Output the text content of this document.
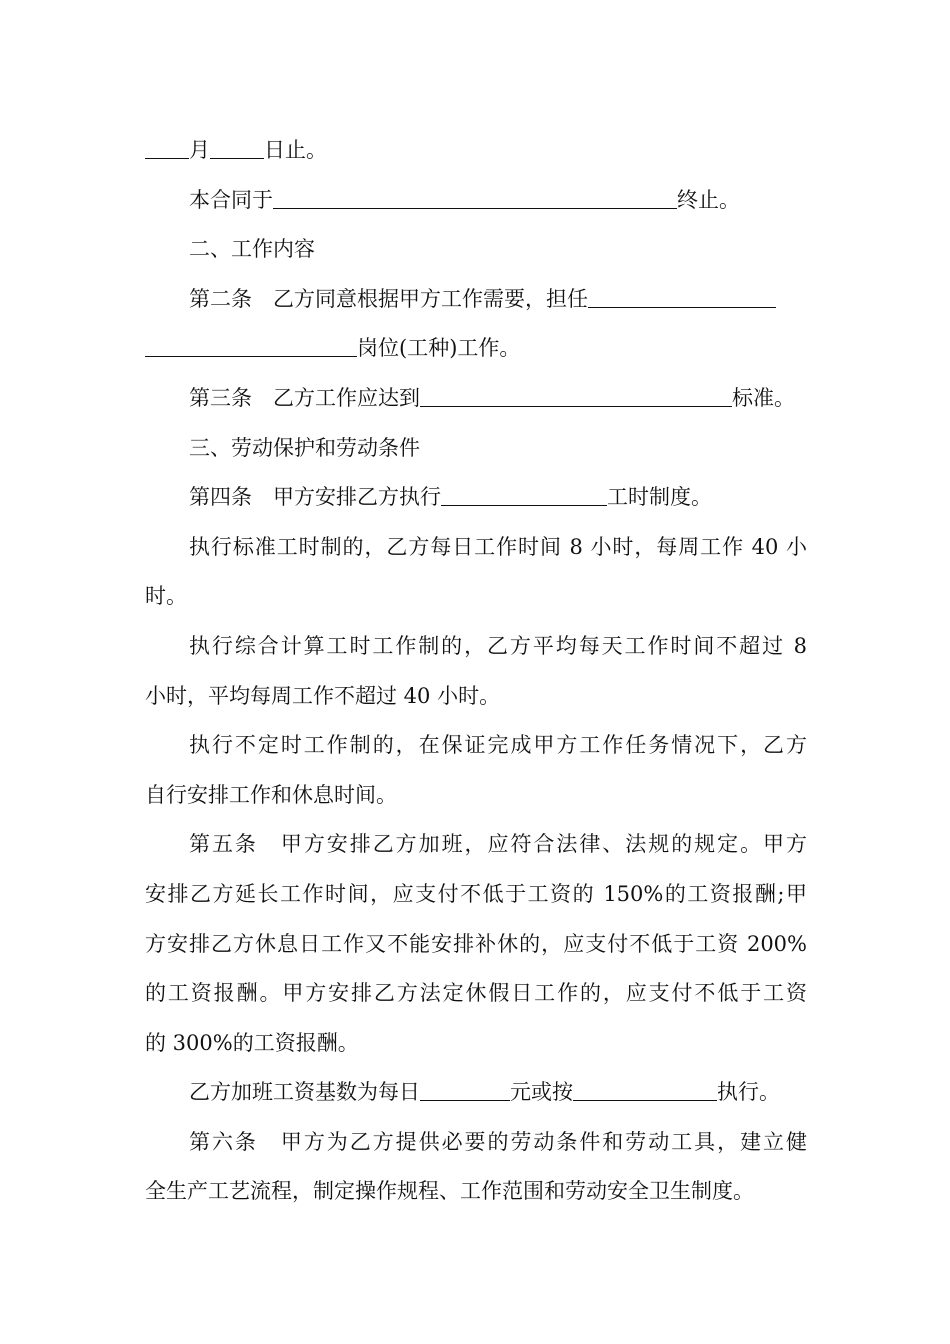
月	日止。
本合同于	终止。
二、工作内容
第二条 乙方同意根据甲方工作需要，担任
岗位(工种)工作。
第三条 乙方工作应达到	标准。
三、劳动保护和劳动条件
第四条 甲方安排乙方执行	工时制度。
执行标准工时制的，乙方每日工作时间 8 小时，每周工作 40 小
时。
执行综合计算工时工作制的，乙方平均每天工作时间不超过 8
小时，平均每周工作不超过 40 小时。
执行不定时工作制的，在保证完成甲方工作任务情况下，乙方
自行安排工作和休息时间。
第五条 甲方安排乙方加班，应符合法律、法规的规定。甲方
安排乙方延长工作时间，应支付不低于工资的 150%的工资报酬;甲
方安排乙方休息日工作又不能安排补休的，应支付不低于工资 200%
的工资报酬。甲方安排乙方法定休假日工作的，应支付不低于工资
的 300%的工资报酬。
乙方加班工资基数为每日	元或按	执行。
第六条 甲方为乙方提供必要的劳动条件和劳动工具，建立健
全生产工艺流程，制定操作规程、工作范围和劳动安全卫生制度。
